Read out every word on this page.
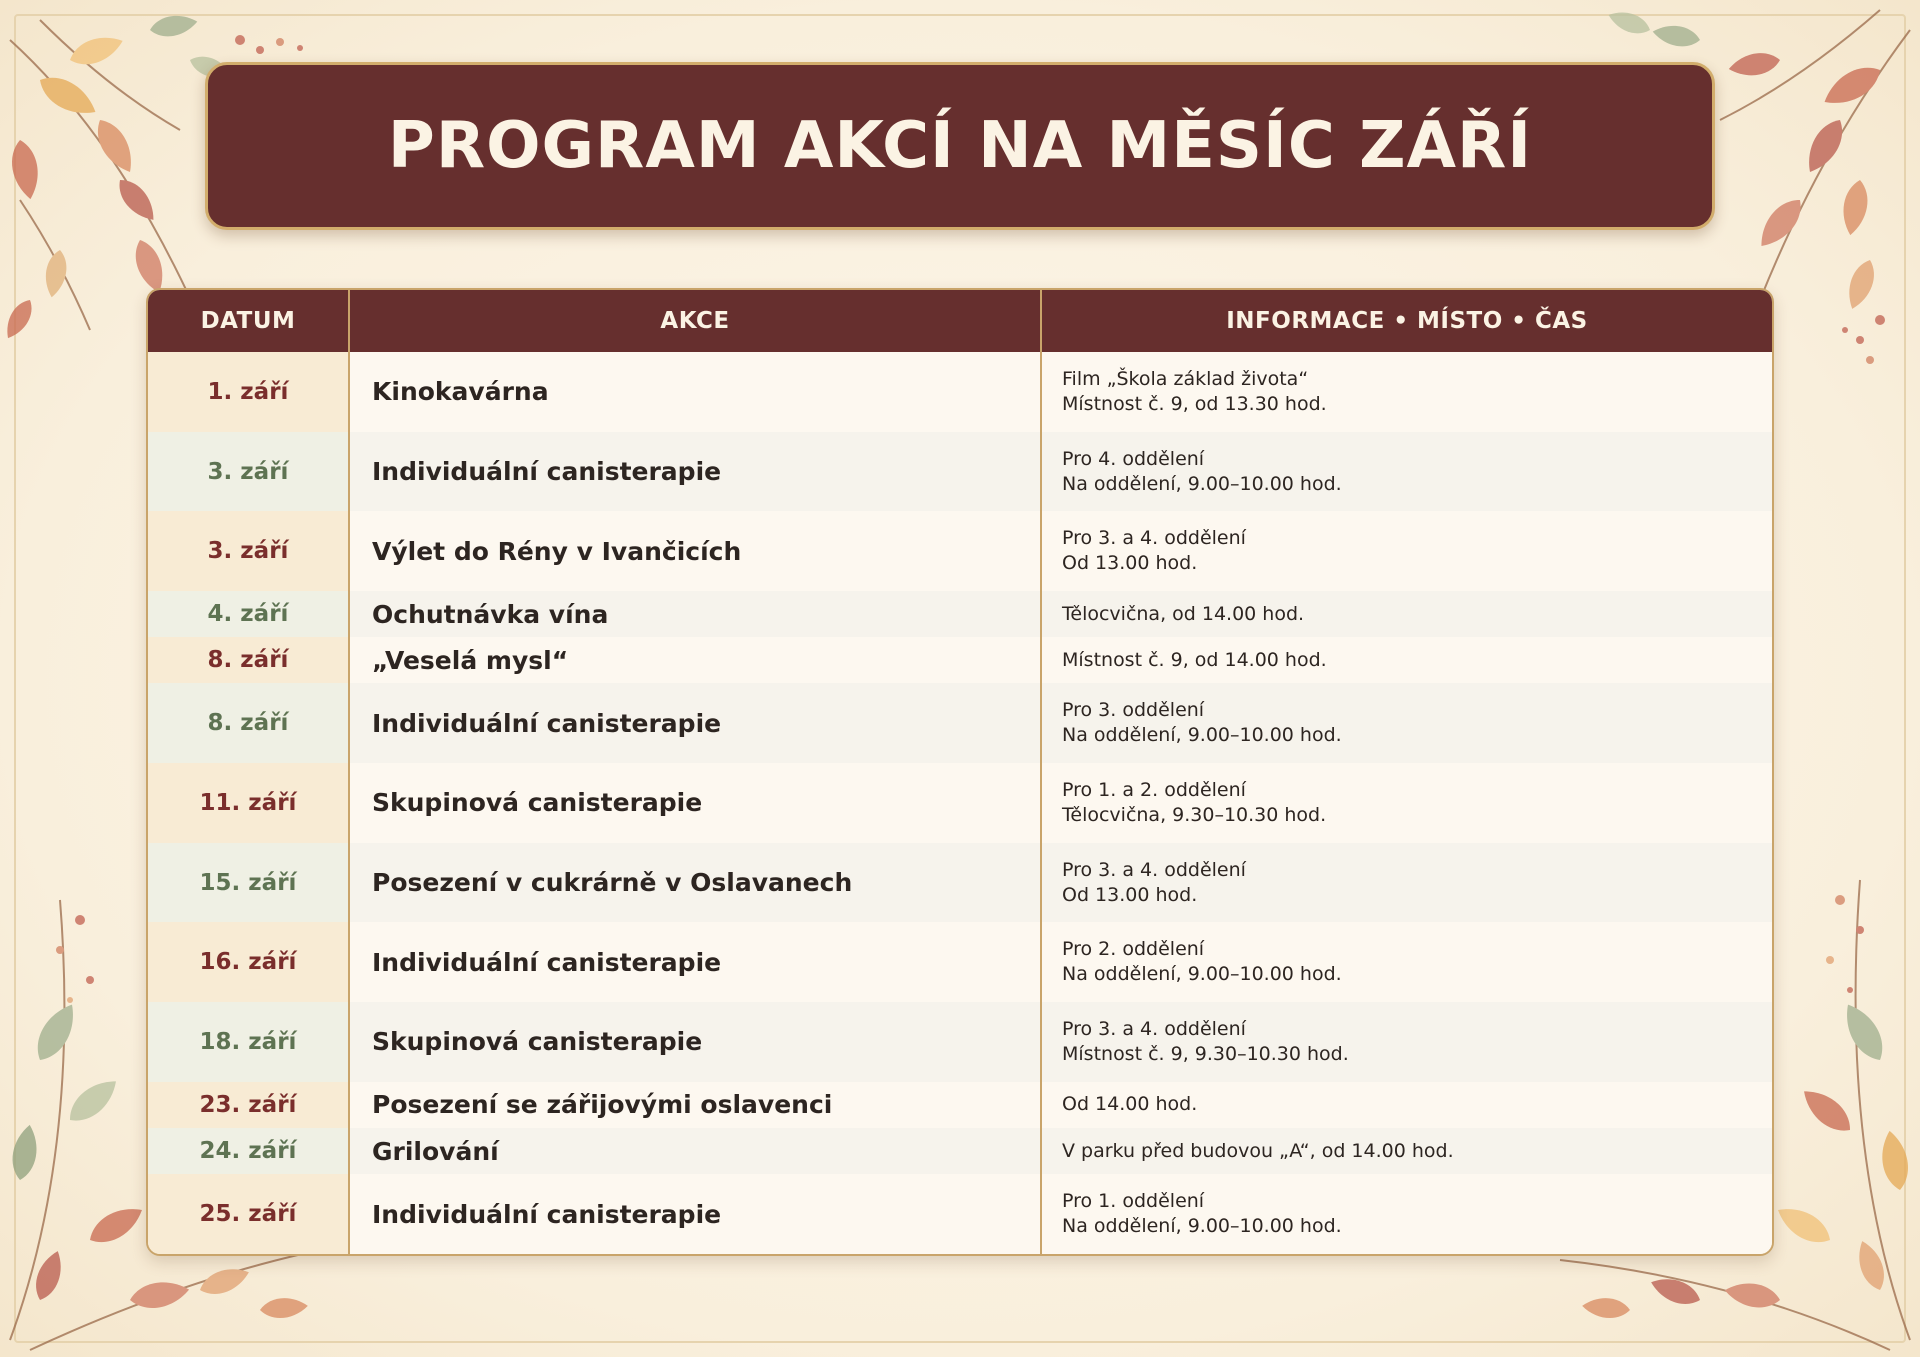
PROGRAM AKCÍ NA MĚSÍC ZÁŘÍ
DATUM	AKCE	INFORMACE • MÍSTO • ČAS
1. září	Kinokavárna	Film „Škola základ života“
Místnost č. 9, od 13.30 hod.

3. září	Individuální canisterapie	Pro 4. oddělení
Na oddělení, 9.00–10.00 hod.

3. září	Výlet do Rény v Ivančicích	Pro 3. a 4. oddělení
Od 13.00 hod.

4. září	Ochutnávka vína	Tělocvična, od 14.00 hod.

8. září	„Veselá mysl“	Místnost č. 9, od 14.00 hod.

8. září	Individuální canisterapie	Pro 3. oddělení
Na oddělení, 9.00–10.00 hod.

11. září	Skupinová canisterapie	Pro 1. a 2. oddělení
Tělocvična, 9.30–10.30 hod.

15. září	Posezení v cukrárně v Oslavanech	Pro 3. a 4. oddělení
Od 13.00 hod.

16. září	Individuální canisterapie	Pro 2. oddělení
Na oddělení, 9.00–10.00 hod.

18. září	Skupinová canisterapie	Pro 3. a 4. oddělení
Místnost č. 9, 9.30–10.30 hod.

23. září	Posezení se zářijovými oslavenci	Od 14.00 hod.

24. září	Grilování	V parku před budovou „A“, od 14.00 hod.

25. září	Individuální canisterapie	Pro 1. oddělení
Na oddělení, 9.00–10.00 hod.
